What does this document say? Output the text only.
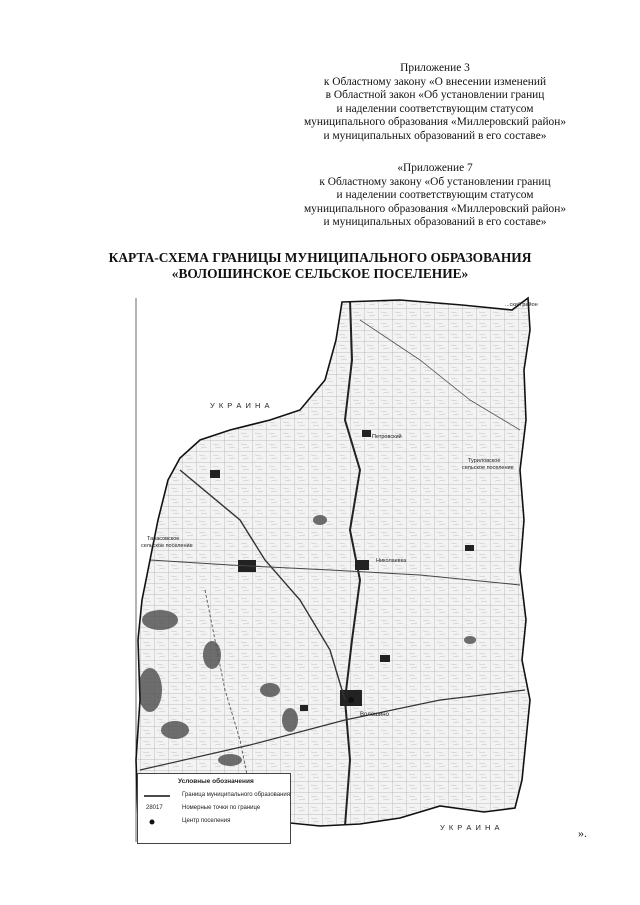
Приложение 3
к Областному закону «О внесении изменений
в Областной закон «Об установлении границ
и наделении соответствующим статусом
муниципального образования «Миллеровский район»
и муниципальных образований в его составе»
«Приложение 7
к Областному закону «Об установлении границ
и наделении соответствующим статусом
муниципального образования «Миллеровский район»
и муниципальных образований в его составе»
КАРТА-СХЕМА ГРАНИЦЫ МУНИЦИПАЛЬНОГО ОБРАЗОВАНИЯ
«ВОЛОШИНСКОЕ СЕЛЬСКОЕ ПОСЕЛЕНИЕ»
У К Р А И Н А
У К Р А И Н А
Туриловское
сельское поселение
Тарасовское
сельское поселение
...ский район
Петровский
Волошино
Николаевка
Условные обозначения
Граница муниципального образования
28017	Номерные точки по границе
Центр поселения
».
